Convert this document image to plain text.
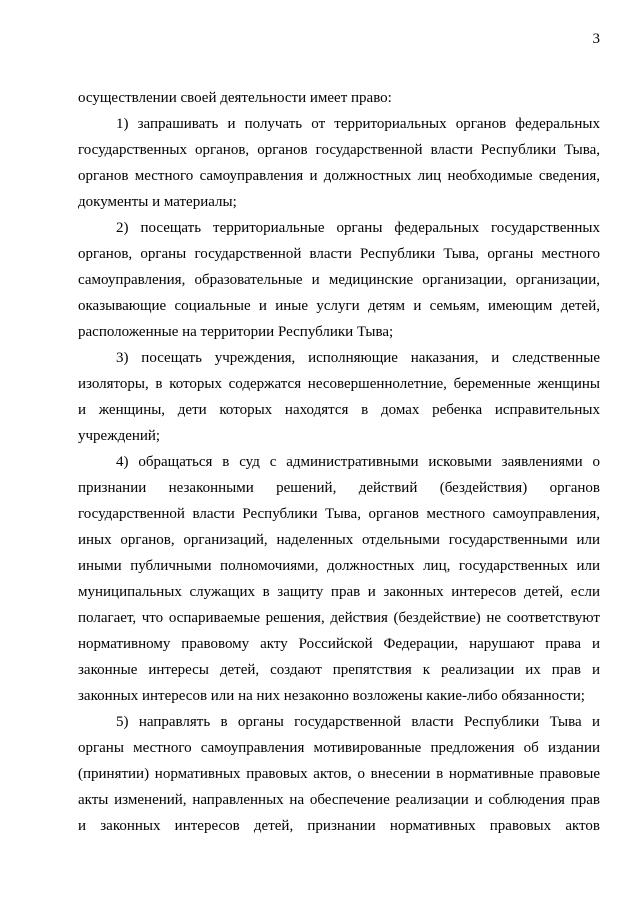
3
осуществлении своей деятельности имеет право:
1) запрашивать и получать от территориальных органов федеральных
государственных органов, органов государственной власти Республики Тыва,
органов местного самоуправления и должностных лиц необходимые сведения,
документы и материалы;
2) посещать территориальные органы федеральных государственных
органов, органы государственной власти Республики Тыва, органы местного
самоуправления, образовательные и медицинские организации, организации,
оказывающие социальные и иные услуги детям и семьям, имеющим детей,
расположенные на территории Республики Тыва;
3) посещать учреждения, исполняющие наказания, и следственные
изоляторы, в которых содержатся несовершеннолетние, беременные женщины
и женщины, дети которых находятся в домах ребенка исправительных
учреждений;
4) обращаться в суд с административными исковыми заявлениями о
признании незаконными решений, действий (бездействия) органов
государственной власти Республики Тыва, органов местного самоуправления,
иных органов, организаций, наделенных отдельными государственными или
иными публичными полномочиями, должностных лиц, государственных или
муниципальных служащих в защиту прав и законных интересов детей, если
полагает, что оспариваемые решения, действия (бездействие) не соответствуют
нормативному правовому акту Российской Федерации, нарушают права и
законные интересы детей, создают препятствия к реализации их прав и
законных интересов или на них незаконно возложены какие-либо обязанности;
5) направлять в органы государственной власти Республики Тыва и
органы местного самоуправления мотивированные предложения об издании
(принятии) нормативных правовых актов, о внесении в нормативные правовые
акты изменений, направленных на обеспечение реализации и соблюдения прав
и законных интересов детей, признании нормативных правовых актов
